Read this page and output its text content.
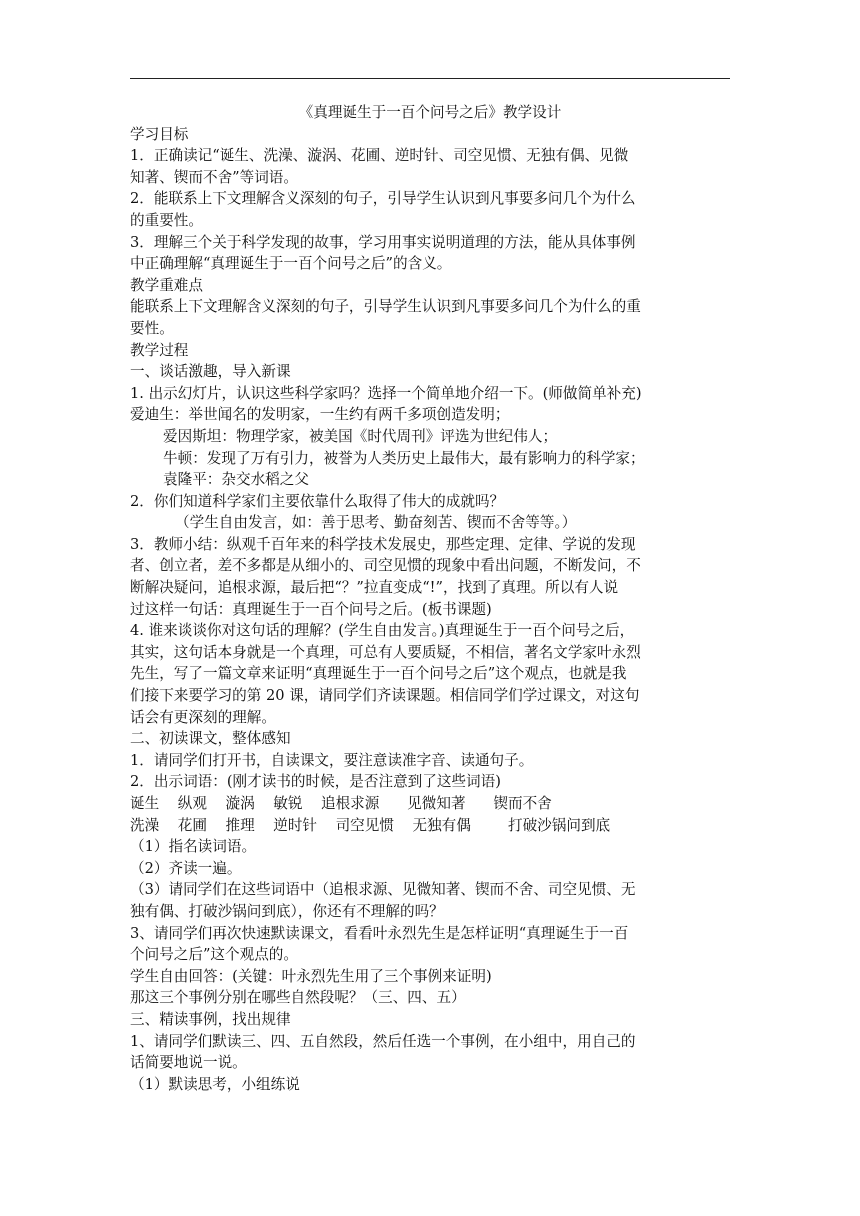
《真理诞生于一百个问号之后》教学设计
学习目标
1．正确读记“诞生、洗澡、漩涡、花圃、逆时针、司空见惯、无独有偶、见微
知著、锲而不舍”等词语。
2．能联系上下文理解含义深刻的句子，引导学生认识到凡事要多问几个为什么
的重要性。
3．理解三个关于科学发现的故事，学习用事实说明道理的方法，能从具体事例
中正确理解“真理诞生于一百个问号之后”的含义。
教学重难点
能联系上下文理解含义深刻的句子，引导学生认识到凡事要多问几个为什么的重
要性。
教学过程
一、谈话激趣，导入新课
1. 出示幻灯片，认识这些科学家吗？选择一个简单地介绍一下。(师做简单补充)
爱迪生：举世闻名的发明家，一生约有两千多项创造发明；
爱因斯坦：物理学家，被美国《时代周刊》评选为世纪伟人；
牛顿：发现了万有引力，被誉为人类历史上最伟大，最有影响力的科学家；
袁隆平：杂交水稻之父
2．你们知道科学家们主要依靠什么取得了伟大的成就吗？
（学生自由发言，如：善于思考、勤奋刻苦、锲而不舍等等。）
3．教师小结：纵观千百年来的科学技术发展史，那些定理、定律、学说的发现
者、创立者，差不多都是从细小的、司空见惯的现象中看出问题，不断发问，不
断解决疑问，追根求源，最后把“？”拉直变成“!”，找到了真理。所以有人说
过这样一句话：真理诞生于一百个问号之后。(板书课题)
4. 谁来谈谈你对这句话的理解？(学生自由发言。)真理诞生于一百个问号之后，
其实，这句话本身就是一个真理，可总有人要质疑，不相信，著名文学家叶永烈
先生，写了一篇文章来证明“真理诞生于一百个问号之后”这个观点，也就是我
们接下来要学习的第 20 课，请同学们齐读课题。相信同学们学过课文，对这句
话会有更深刻的理解。
二、初读课文，整体感知
1．请同学们打开书，自读课文，要注意读准字音、读通句子。
2．出示词语：(刚才读书的时候，是否注意到了这些词语)
诞生    纵观    漩涡    敏锐    追根求源      见微知著      锲而不舍
洗澡    花圃    推理    逆时针    司空见惯    无独有偶        打破沙锅问到底
（1）指名读词语。
（2）齐读一遍。
（3）请同学们在这些词语中（追根求源、见微知著、锲而不舍、司空见惯、无
独有偶、打破沙锅问到底），你还有不理解的吗？
3、请同学们再次快速默读课文，看看叶永烈先生是怎样证明“真理诞生于一百
个问号之后”这个观点的。
学生自由回答：(关键：叶永烈先生用了三个事例来证明)
那这三个事例分别在哪些自然段呢？（三、四、五）
三、精读事例，找出规律
1、请同学们默读三、四、五自然段，然后任选一个事例，在小组中，用自己的
话简要地说一说。
（1）默读思考，小组练说
